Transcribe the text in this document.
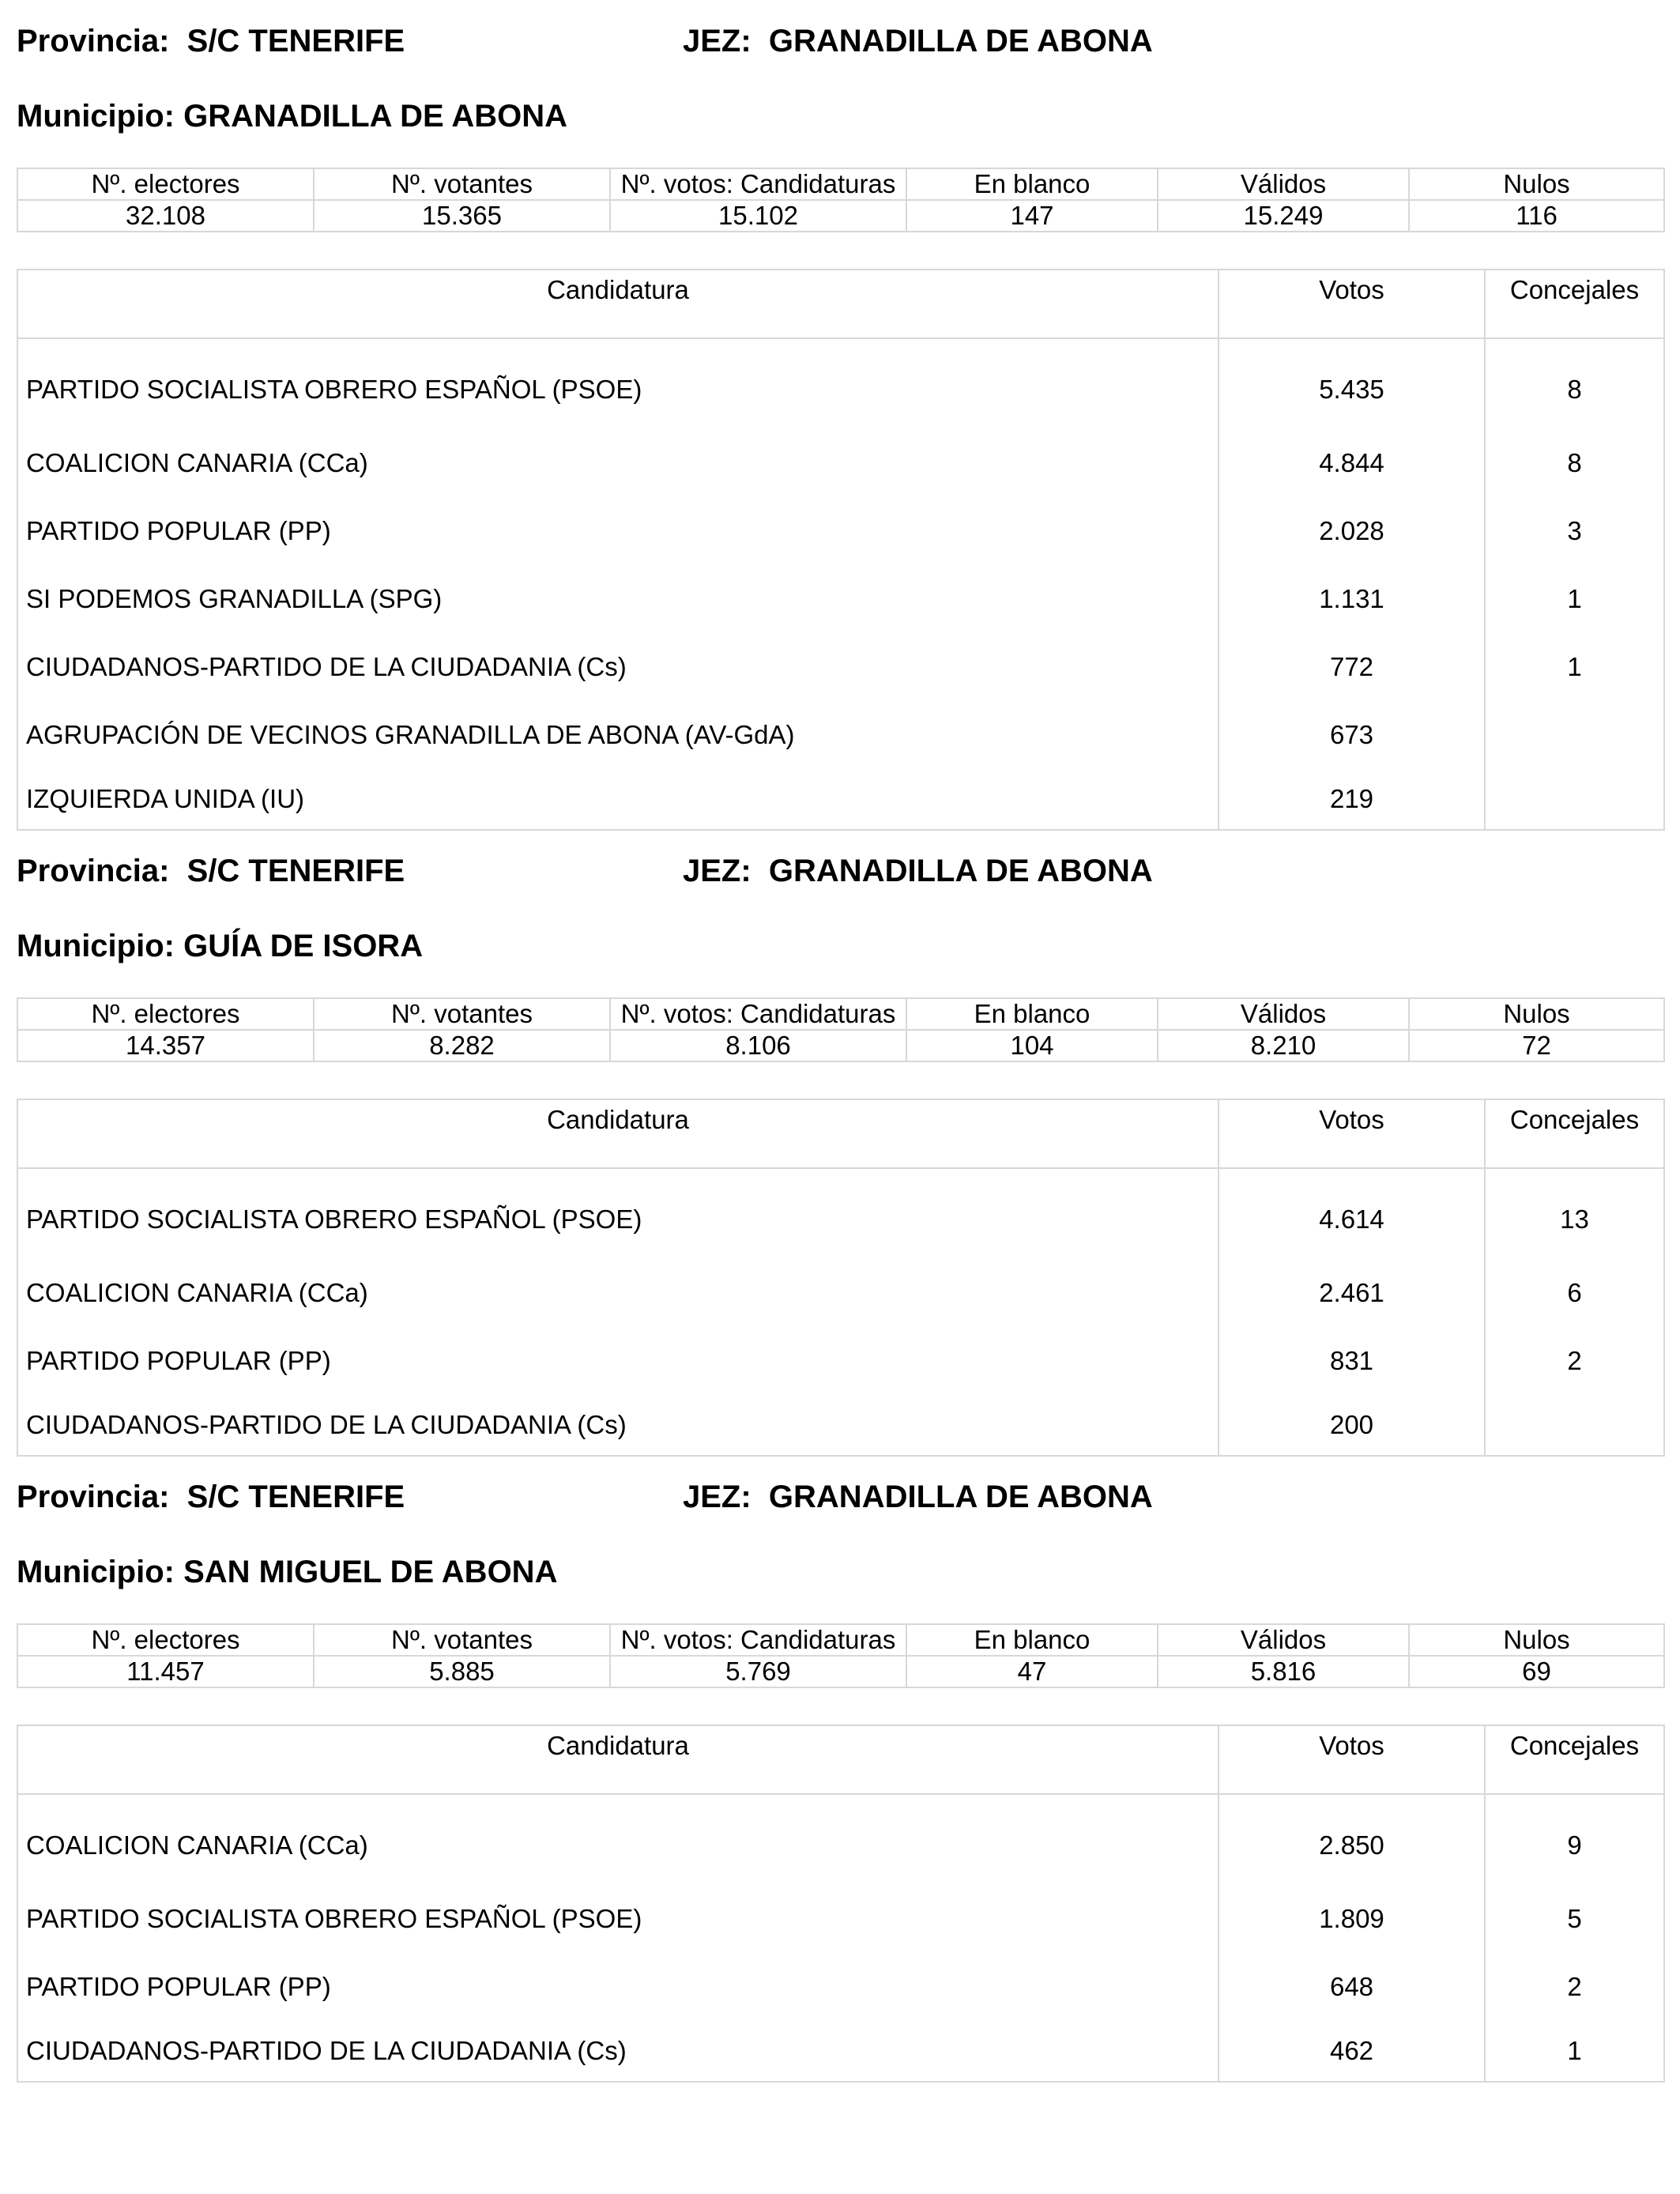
Provincia: S/C TENERIFE	JEZ: GRANADILLA DE ABONA
Municipio: GRANADILLA DE ABONA
Nº. electores	Nº. votantes	Nº. votos: Candidaturas	En blanco	Válidos	Nulos
32.108	15.365	15.102	147	15.249	116
Candidatura	Votos	Concejales
PARTIDO SOCIALISTA OBRERO ESPAÑOL (PSOE)	5.435	8
COALICION CANARIA (CCa)	4.844	8
PARTIDO POPULAR (PP)	2.028	3
SI PODEMOS GRANADILLA (SPG)	1.131	1
CIUDADANOS-PARTIDO DE LA CIUDADANIA (Cs)	772	1
AGRUPACIÓN DE VECINOS GRANADILLA DE ABONA (AV-GdA)	673	
IZQUIERDA UNIDA (IU)	219	
Provincia: S/C TENERIFE	JEZ: GRANADILLA DE ABONA
Municipio: GUÍA DE ISORA
Nº. electores	Nº. votantes	Nº. votos: Candidaturas	En blanco	Válidos	Nulos
14.357	8.282	8.106	104	8.210	72
Candidatura	Votos	Concejales
PARTIDO SOCIALISTA OBRERO ESPAÑOL (PSOE)	4.614	13
COALICION CANARIA (CCa)	2.461	6
PARTIDO POPULAR (PP)	831	2
CIUDADANOS-PARTIDO DE LA CIUDADANIA (Cs)	200	
Provincia: S/C TENERIFE	JEZ: GRANADILLA DE ABONA
Municipio: SAN MIGUEL DE ABONA
Nº. electores	Nº. votantes	Nº. votos: Candidaturas	En blanco	Válidos	Nulos
11.457	5.885	5.769	47	5.816	69
Candidatura	Votos	Concejales
COALICION CANARIA (CCa)	2.850	9
PARTIDO SOCIALISTA OBRERO ESPAÑOL (PSOE)	1.809	5
PARTIDO POPULAR (PP)	648	2
CIUDADANOS-PARTIDO DE LA CIUDADANIA (Cs)	462	1
